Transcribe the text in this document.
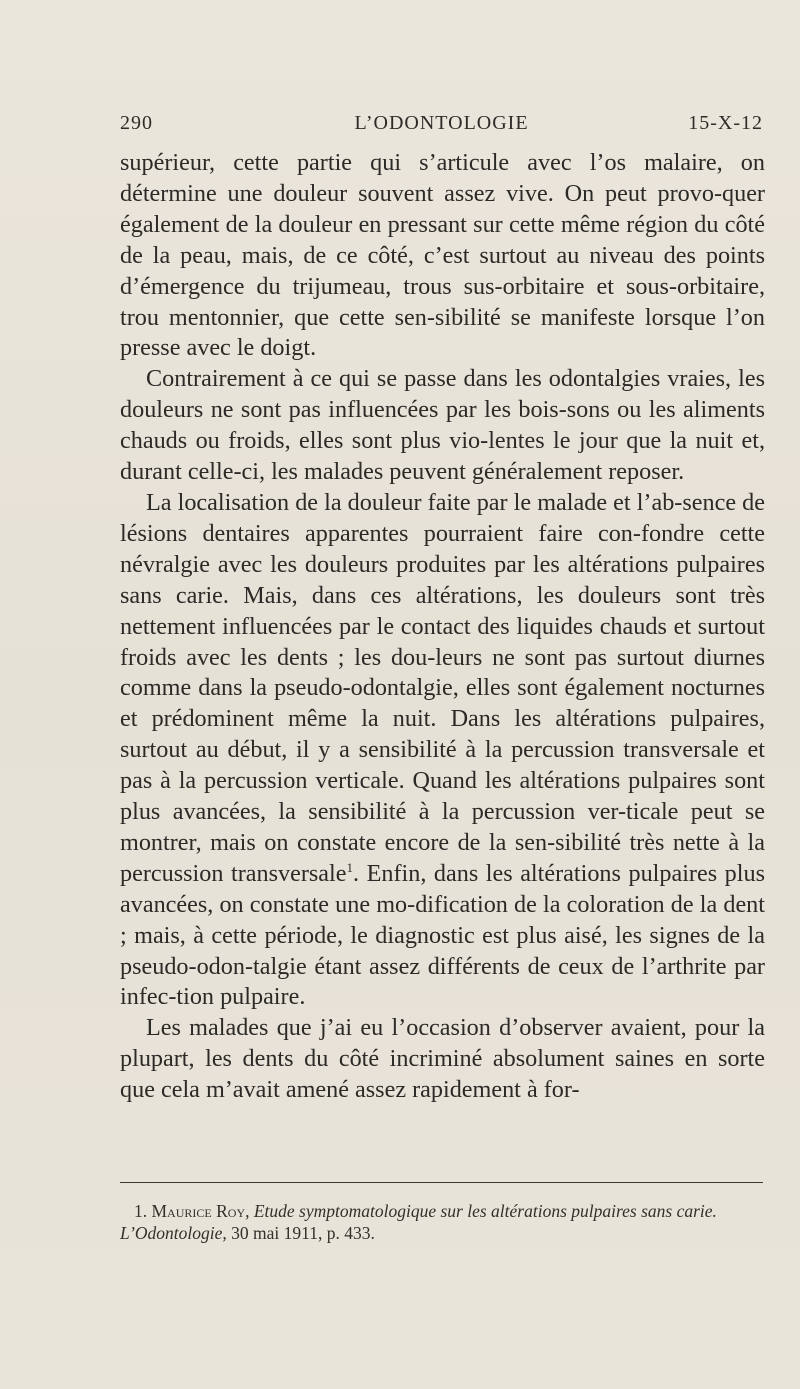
290	L’ODONTOLOGIE	15-X-12

supérieur, cette partie qui s’articule avec l’os malaire, on détermine une douleur souvent assez vive. On peut provo-quer également de la douleur en pressant sur cette même région du côté de la peau, mais, de ce côté, c’est surtout au niveau des points d’émergence du trijumeau, trous sus-orbitaire et sous-orbitaire, trou mentonnier, que cette sen-sibilité se manifeste lorsque l’on presse avec le doigt.

Contrairement à ce qui se passe dans les odontalgies vraies, les douleurs ne sont pas influencées par les bois-sons ou les aliments chauds ou froids, elles sont plus vio-lentes le jour que la nuit et, durant celle-ci, les malades peuvent généralement reposer.

La localisation de la douleur faite par le malade et l’ab-sence de lésions dentaires apparentes pourraient faire con-fondre cette névralgie avec les douleurs produites par les altérations pulpaires sans carie. Mais, dans ces altérations, les douleurs sont très nettement influencées par le contact des liquides chauds et surtout froids avec les dents ; les dou-leurs ne sont pas surtout diurnes comme dans la pseudo-odontalgie, elles sont également nocturnes et prédominent même la nuit. Dans les altérations pulpaires, surtout au début, il y a sensibilité à la percussion transversale et pas à la percussion verticale. Quand les altérations pulpaires sont plus avancées, la sensibilité à la percussion ver-ticale peut se montrer, mais on constate encore de la sen-sibilité très nette à la percussion transversale$^1$. Enfin, dans les altérations pulpaires plus avancées, on constate une mo-dification de la coloration de la dent ; mais, à cette période, le diagnostic est plus aisé, les signes de la pseudo-odon-talgie étant assez différents de ceux de l’arthrite par infec-tion pulpaire.

Les malades que j’ai eu l’occasion d’observer avaient, pour la plupart, les dents du côté incriminé absolument saines en sorte que cela m’avait amené assez rapidement à for-

1. Maurice Roy, Etude symptomatologique sur les altérations pulpaires sans carie. L’Odontologie, 30 mai 1911, p. 433.
